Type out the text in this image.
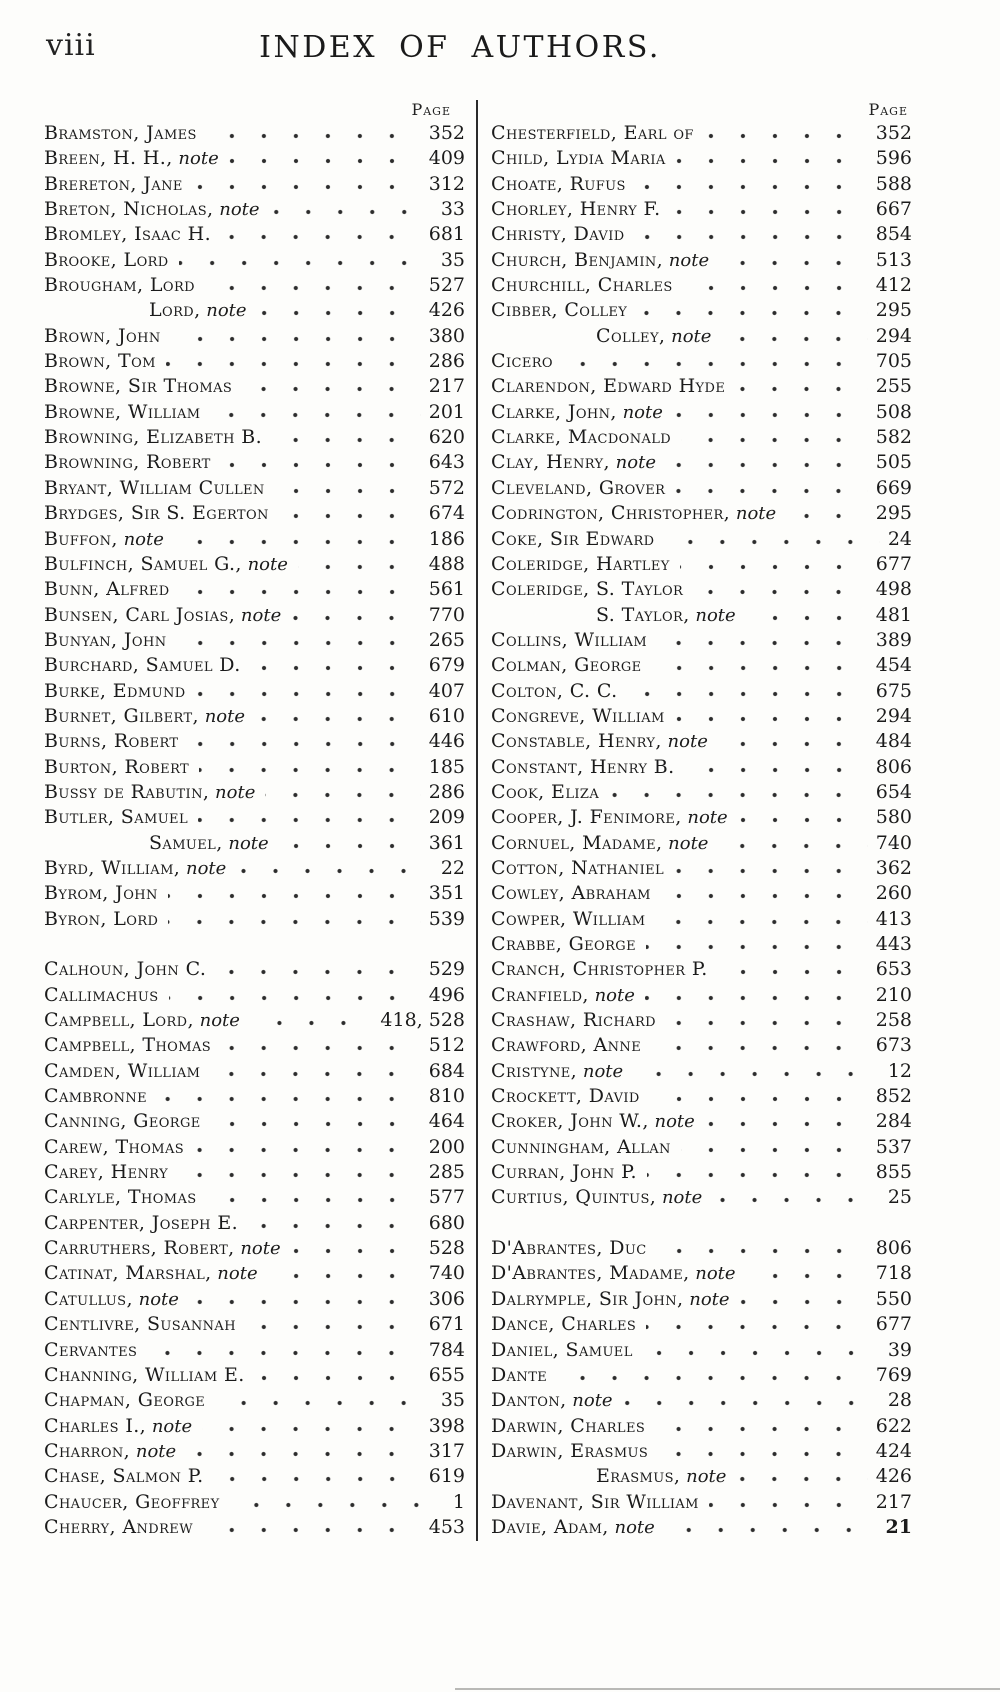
viii	INDEX OF AUTHORS.
Page
Bramston, James	352
Breen, H. H., note	409
Brereton, Jane	312
Breton, Nicholas, note	33
Bromley, Isaac H.	681
Brooke, Lord	35
Brougham, Lord	527
Lord, note	426
Brown, John	380
Brown, Tom	286
Browne, Sir Thomas	217
Browne, William	201
Browning, Elizabeth B.	620
Browning, Robert	643
Bryant, William Cullen	572
Brydges, Sir S. Egerton	674
Buffon, note	186
Bulfinch, Samuel G., note	488
Bunn, Alfred	561
Bunsen, Carl Josias, note	770
Bunyan, John	265
Burchard, Samuel D.	679
Burke, Edmund	407
Burnet, Gilbert, note	610
Burns, Robert	446
Burton, Robert	185
Bussy de Rabutin, note	286
Butler, Samuel	209
Samuel, note	361
Byrd, William, note	22
Byrom, John	351
Byron, Lord	539
Calhoun, John C.	529
Callimachus	496
Campbell, Lord, note	418, 528
Campbell, Thomas	512
Camden, William	684
Cambronne	810
Canning, George	464
Carew, Thomas	200
Carey, Henry	285
Carlyle, Thomas	577
Carpenter, Joseph E.	680
Carruthers, Robert, note	528
Catinat, Marshal, note	740
Catullus, note	306
Centlivre, Susannah	671
Cervantes	784
Channing, William E.	655
Chapman, George	35
Charles I., note	398
Charron, note	317
Chase, Salmon P.	619
Chaucer, Geoffrey	1
Cherry, Andrew	453
Page
Chesterfield, Earl of	352
Child, Lydia Maria	596
Choate, Rufus	588
Chorley, Henry F.	667
Christy, David	854
Church, Benjamin, note	513
Churchill, Charles	412
Cibber, Colley	295
Colley, note	294
Cicero	705
Clarendon, Edward Hyde	255
Clarke, John, note	508
Clarke, Macdonald	582
Clay, Henry, note	505
Cleveland, Grover	669
Codrington, Christopher, note	295
Coke, Sir Edward	24
Coleridge, Hartley	677
Coleridge, S. Taylor	498
S. Taylor, note	481
Collins, William	389
Colman, George	454
Colton, C. C.	675
Congreve, William	294
Constable, Henry, note	484
Constant, Henry B.	806
Cook, Eliza	654
Cooper, J. Fenimore, note	580
Cornuel, Madame, note	740
Cotton, Nathaniel	362
Cowley, Abraham	260
Cowper, William	413
Crabbe, George	443
Cranch, Christopher P.	653
Cranfield, note	210
Crashaw, Richard	258
Crawford, Anne	673
Cristyne, note	12
Crockett, David	852
Croker, John W., note	284
Cunningham, Allan	537
Curran, John P.	855
Curtius, Quintus, note	25
D'Abrantes, Duc	806
D'Abrantes, Madame, note	718
Dalrymple, Sir John, note	550
Dance, Charles	677
Daniel, Samuel	39
Dante	769
Danton, note	28
Darwin, Charles	622
Darwin, Erasmus	424
Erasmus, note	426
Davenant, Sir William	217
Davie, Adam, note	21
